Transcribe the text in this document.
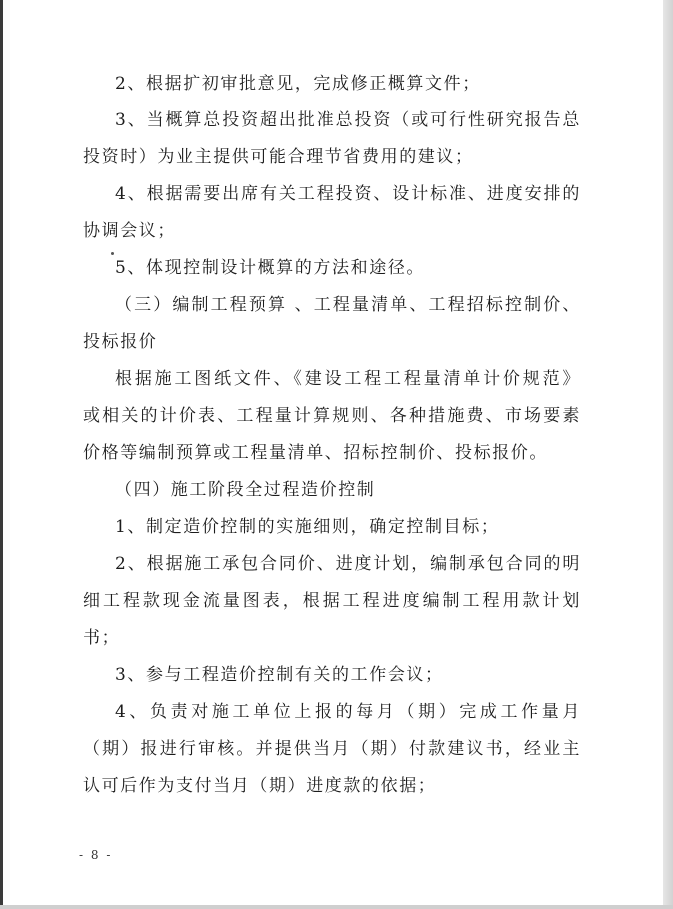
2、根据扩初审批意见，完成修正概算文件；

3、当概算总投资超出批准总投资（或可行性研究报告总

投资时）为业主提供可能合理节省费用的建议；

4、根据需要出席有关工程投资、设计标准、进度安排的

协调会议；

5、体现控制设计概算的方法和途径。

（三）编制工程预算 、工程量清单、工程招标控制价、

投标报价

根据施工图纸文件、《建设工程工程量清单计价规范》

或相关的计价表、工程量计算规则、各种措施费、市场要素

价格等编制预算或工程量清单、招标控制价、投标报价。

（四）施工阶段全过程造价控制

1、制定造价控制的实施细则，确定控制目标；

2、根据施工承包合同价、进度计划，编制承包合同的明

细工程款现金流量图表，根据工程进度编制工程用款计划

书；

3、参与工程造价控制有关的工作会议；

4、负责对施工单位上报的每月（期）完成工作量月

（期）报进行审核。并提供当月（期）付款建议书，经业主

认可后作为支付当月（期）进度款的依据；

- 8 -
